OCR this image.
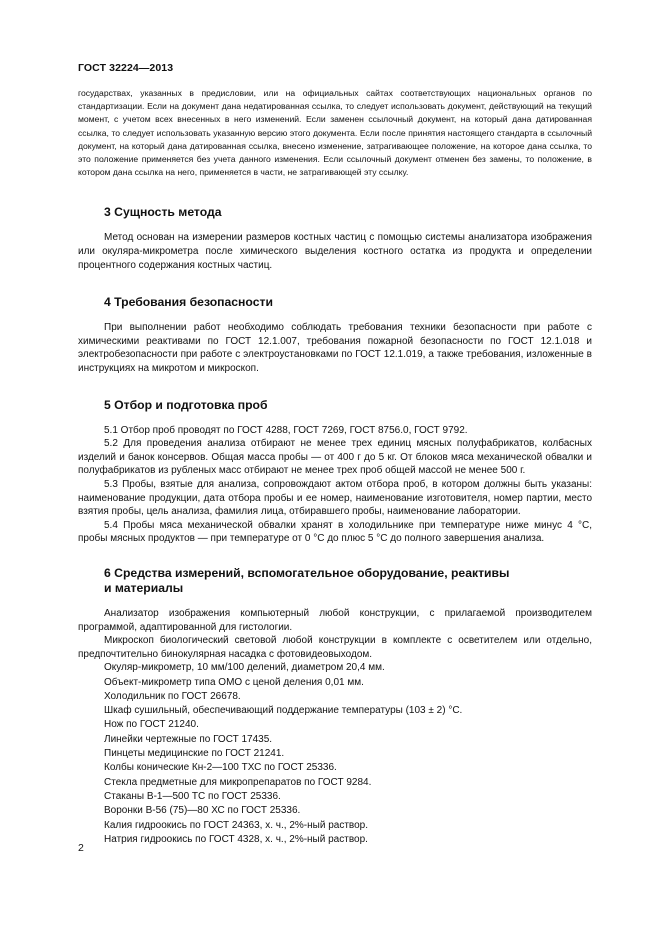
ГОСТ 32224—2013

государствах, указанных в предисловии, или на официальных сайтах соответствующих национальных органов по стандартизации. Если на документ дана недатированная ссылка, то следует использовать документ, действующий на текущий момент, с учетом всех внесенных в него изменений. Если заменен ссылочный документ, на который дана датированная ссылка, то следует использовать указанную версию этого документа. Если после принятия настоящего стандарта в ссылочный документ, на который дана датированная ссылка, внесено изменение, затрагивающее положение, на которое дана ссылка, то это положение применяется без учета данного изменения. Если ссылочный документ отменен без замены, то положение, в котором дана ссылка на него, применяется в части, не затрагивающей эту ссылку.

3 Сущность метода

Метод основан на измерении размеров костных частиц с помощью системы анализатора изображения или окуляра-микрометра после химического выделения костного остатка из продукта и определении процентного содержания костных частиц.

4 Требования безопасности

При выполнении работ необходимо соблюдать требования техники безопасности при работе с химическими реактивами по ГОСТ 12.1.007, требования пожарной безопасности по ГОСТ 12.1.018 и электробезопасности при работе с электроустановками по ГОСТ 12.1.019, а также требования, изложенные в инструкциях на микротом и микроскоп.

5 Отбор и подготовка проб

5.1 Отбор проб проводят по ГОСТ 4288, ГОСТ 7269, ГОСТ 8756.0, ГОСТ 9792.

5.2 Для проведения анализа отбирают не менее трех единиц мясных полуфабрикатов, колбасных изделий и банок консервов. Общая масса пробы — от 400 г до 5 кг. От блоков мяса механической обвалки и полуфабрикатов из рубленых масс отбирают не менее трех проб общей массой не менее 500 г.

5.3 Пробы, взятые для анализа, сопровождают актом отбора проб, в котором должны быть указаны: наименование продукции, дата отбора пробы и ее номер, наименование изготовителя, номер партии, место взятия пробы, цель анализа, фамилия лица, отбиравшего пробы, наименование лаборатории.

5.4 Пробы мяса механической обвалки хранят в холодильнике при температуре ниже минус 4 °С, пробы мясных продуктов — при температуре от 0 °С до плюс 5 °С до полного завершения анализа.

6 Средства измерений, вспомогательное оборудование, реактивы
и материалы

Анализатор изображения компьютерный любой конструкции, с прилагаемой производителем программой, адаптированной для гистологии.

Микроскоп биологический световой любой конструкции в комплекте с осветителем или отдельно, предпочтительно бинокулярная насадка с фотовидеовыходом.

Окуляр-микрометр, 10 мм/100 делений, диаметром 20,4 мм.

Объект-микрометр типа ОМО с ценой деления 0,01 мм.

Холодильник по ГОСТ 26678.

Шкаф сушильный, обеспечивающий поддержание температуры (103 ± 2) °С.

Нож по ГОСТ 21240.

Линейки чертежные по ГОСТ 17435.

Пинцеты медицинские по ГОСТ 21241.

Колбы конические Кн-2—100 ТХС по ГОСТ 25336.

Стекла предметные для микропрепаратов по ГОСТ 9284.

Стаканы В-1—500 ТС по ГОСТ 25336.

Воронки В-56 (75)—80 ХС по ГОСТ 25336.

Калия гидроокись по ГОСТ 24363, х. ч., 2%-ный раствор.

Натрия гидроокись по ГОСТ 4328, х. ч., 2%-ный раствор.

2
